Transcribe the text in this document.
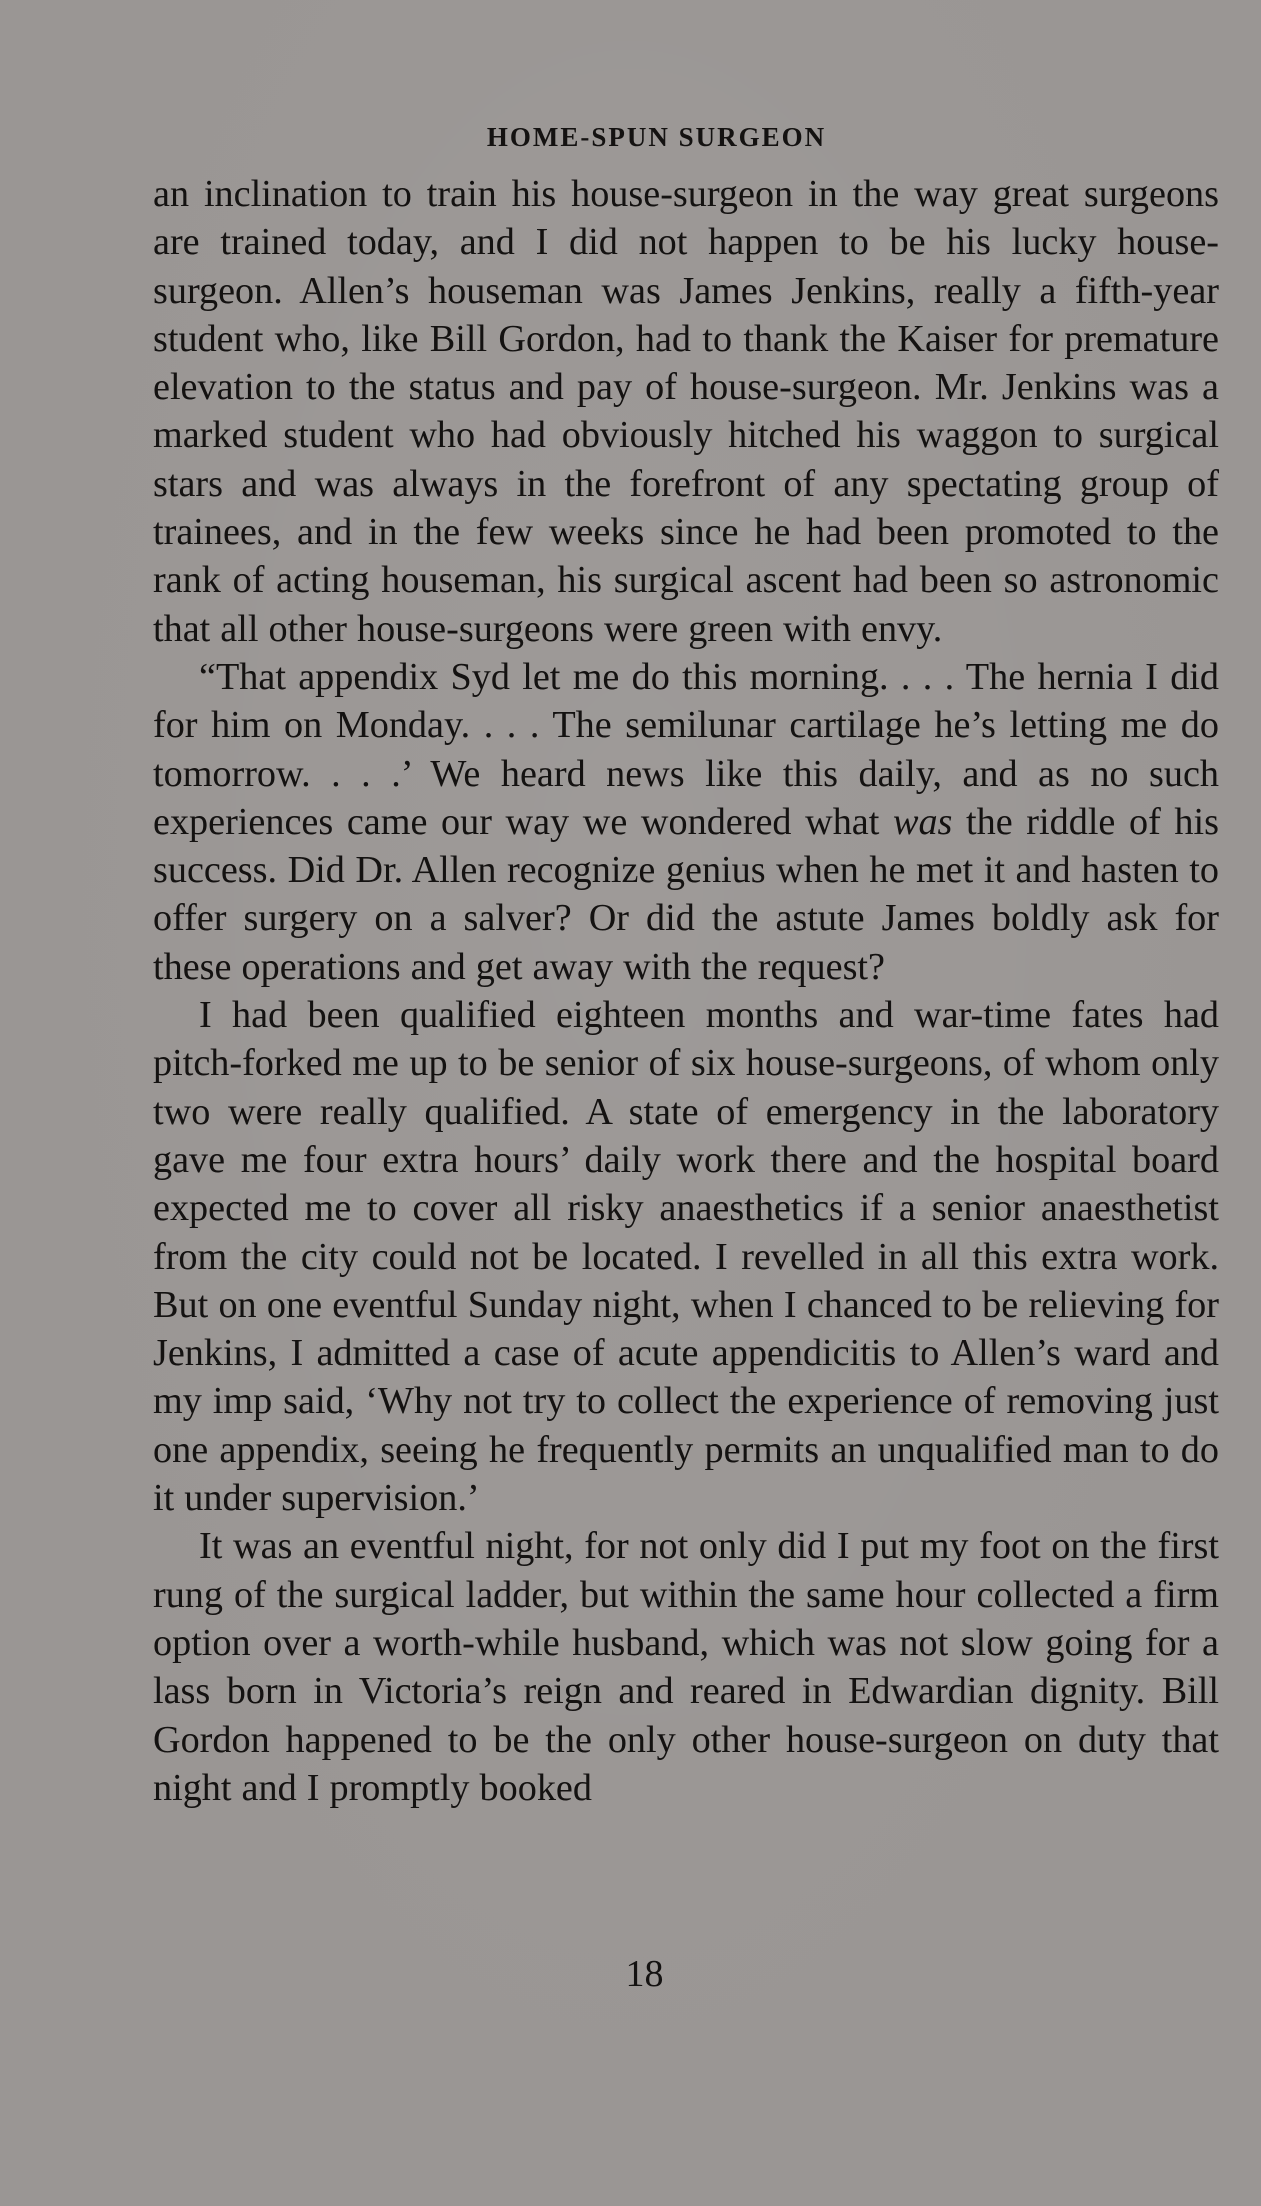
HOME-SPUN SURGEON

an inclination to train his house-surgeon in the way great surgeons are trained today, and I did not happen to be his lucky house-surgeon. Allen’s houseman was James Jenkins, really a fifth-year student who, like Bill Gordon, had to thank the Kaiser for premature elevation to the status and pay of house-surgeon. Mr. Jenkins was a marked student who had obviously hitched his waggon to surgical stars and was always in the forefront of any spectating group of trainees, and in the few weeks since he had been promoted to the rank of acting houseman, his surgical ascent had been so astronomic that all other house-surgeons were green with envy.

“That appendix Syd let me do this morning. . . . The hernia I did for him on Monday. . . . The semilunar cartilage he’s letting me do tomorrow. . . .’ We heard news like this daily, and as no such experiences came our way we wondered what was the riddle of his success. Did Dr. Allen recognize genius when he met it and hasten to offer surgery on a salver? Or did the astute James boldly ask for these operations and get away with the request?

I had been qualified eighteen months and war-time fates had pitch-forked me up to be senior of six house-surgeons, of whom only two were really qualified. A state of emergency in the laboratory gave me four extra hours’ daily work there and the hospital board expected me to cover all risky anaesthetics if a senior anaesthetist from the city could not be located. I revelled in all this extra work. But on one eventful Sunday night, when I chanced to be relieving for Jenkins, I admitted a case of acute appendicitis to Allen’s ward and my imp said, ‘Why not try to collect the experience of removing just one appendix, seeing he frequently permits an unqualified man to do it under supervision.’

It was an eventful night, for not only did I put my foot on the first rung of the surgical ladder, but within the same hour collected a firm option over a worth-while husband, which was not slow going for a lass born in Victoria’s reign and reared in Edwardian dignity. Bill Gordon happened to be the only other house-surgeon on duty that night and I promptly booked

18
